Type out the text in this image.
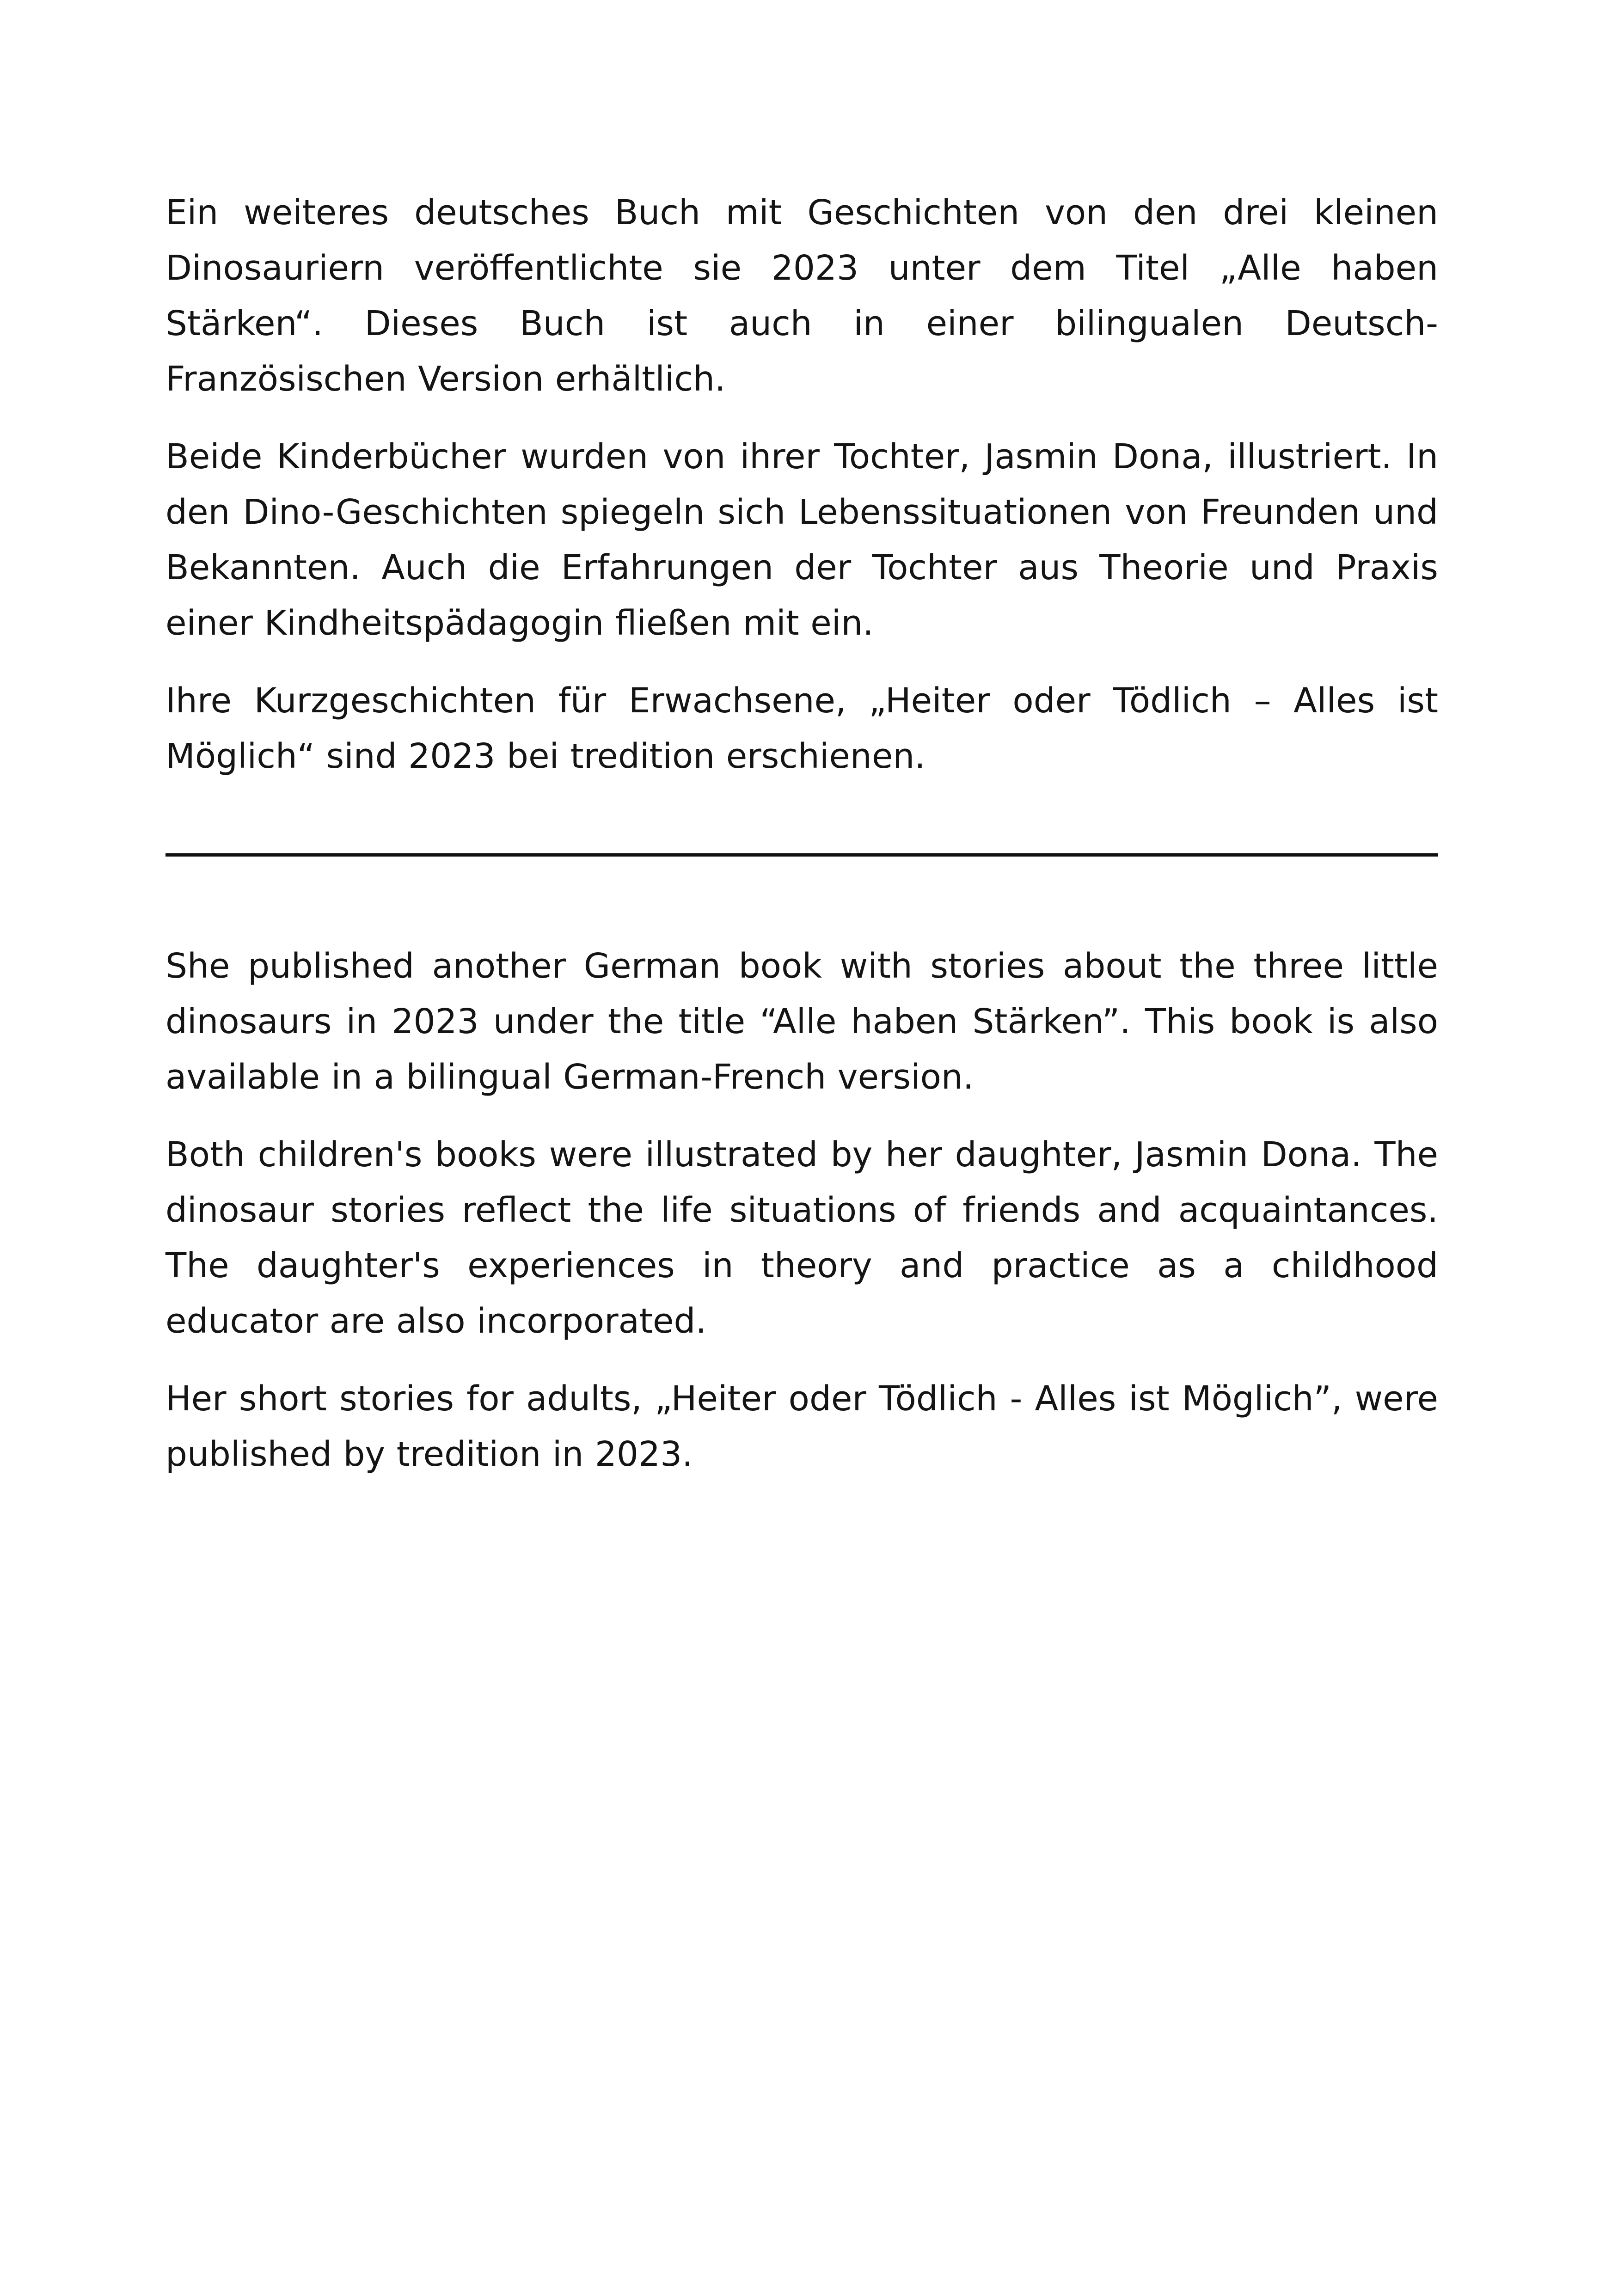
Ein weiteres deutsches Buch mit Geschichten von den drei kleinen Dinosauriern veröffentlichte sie 2023 unter dem Titel „Alle haben Stärken“. Dieses Buch ist auch in einer bilingualen Deutsch-Französischen Version erhältlich.

Beide Kinderbücher wurden von ihrer Tochter, Jasmin Dona, illustriert. In den Dino-Geschichten spiegeln sich Lebenssituationen von Freunden und Bekannten. Auch die Erfahrungen der Tochter aus Theorie und Praxis einer Kindheitspädagogin fließen mit ein.

Ihre Kurzgeschichten für Erwachsene, „Heiter oder Tödlich – Alles ist Möglich“ sind 2023 bei tredition erschienen.

She published another German book with stories about the three little dinosaurs in 2023 under the title “Alle haben Stärken”. This book is also available in a bilingual German-French version.

Both children's books were illustrated by her daughter, Jasmin Dona. The dinosaur stories reflect the life situations of friends and acquaintances. The daughter's experiences in theory and practice as a childhood educator are also incorporated.

Her short stories for adults, „Heiter oder Tödlich - Alles ist Möglich”, were published by tredition in 2023.
